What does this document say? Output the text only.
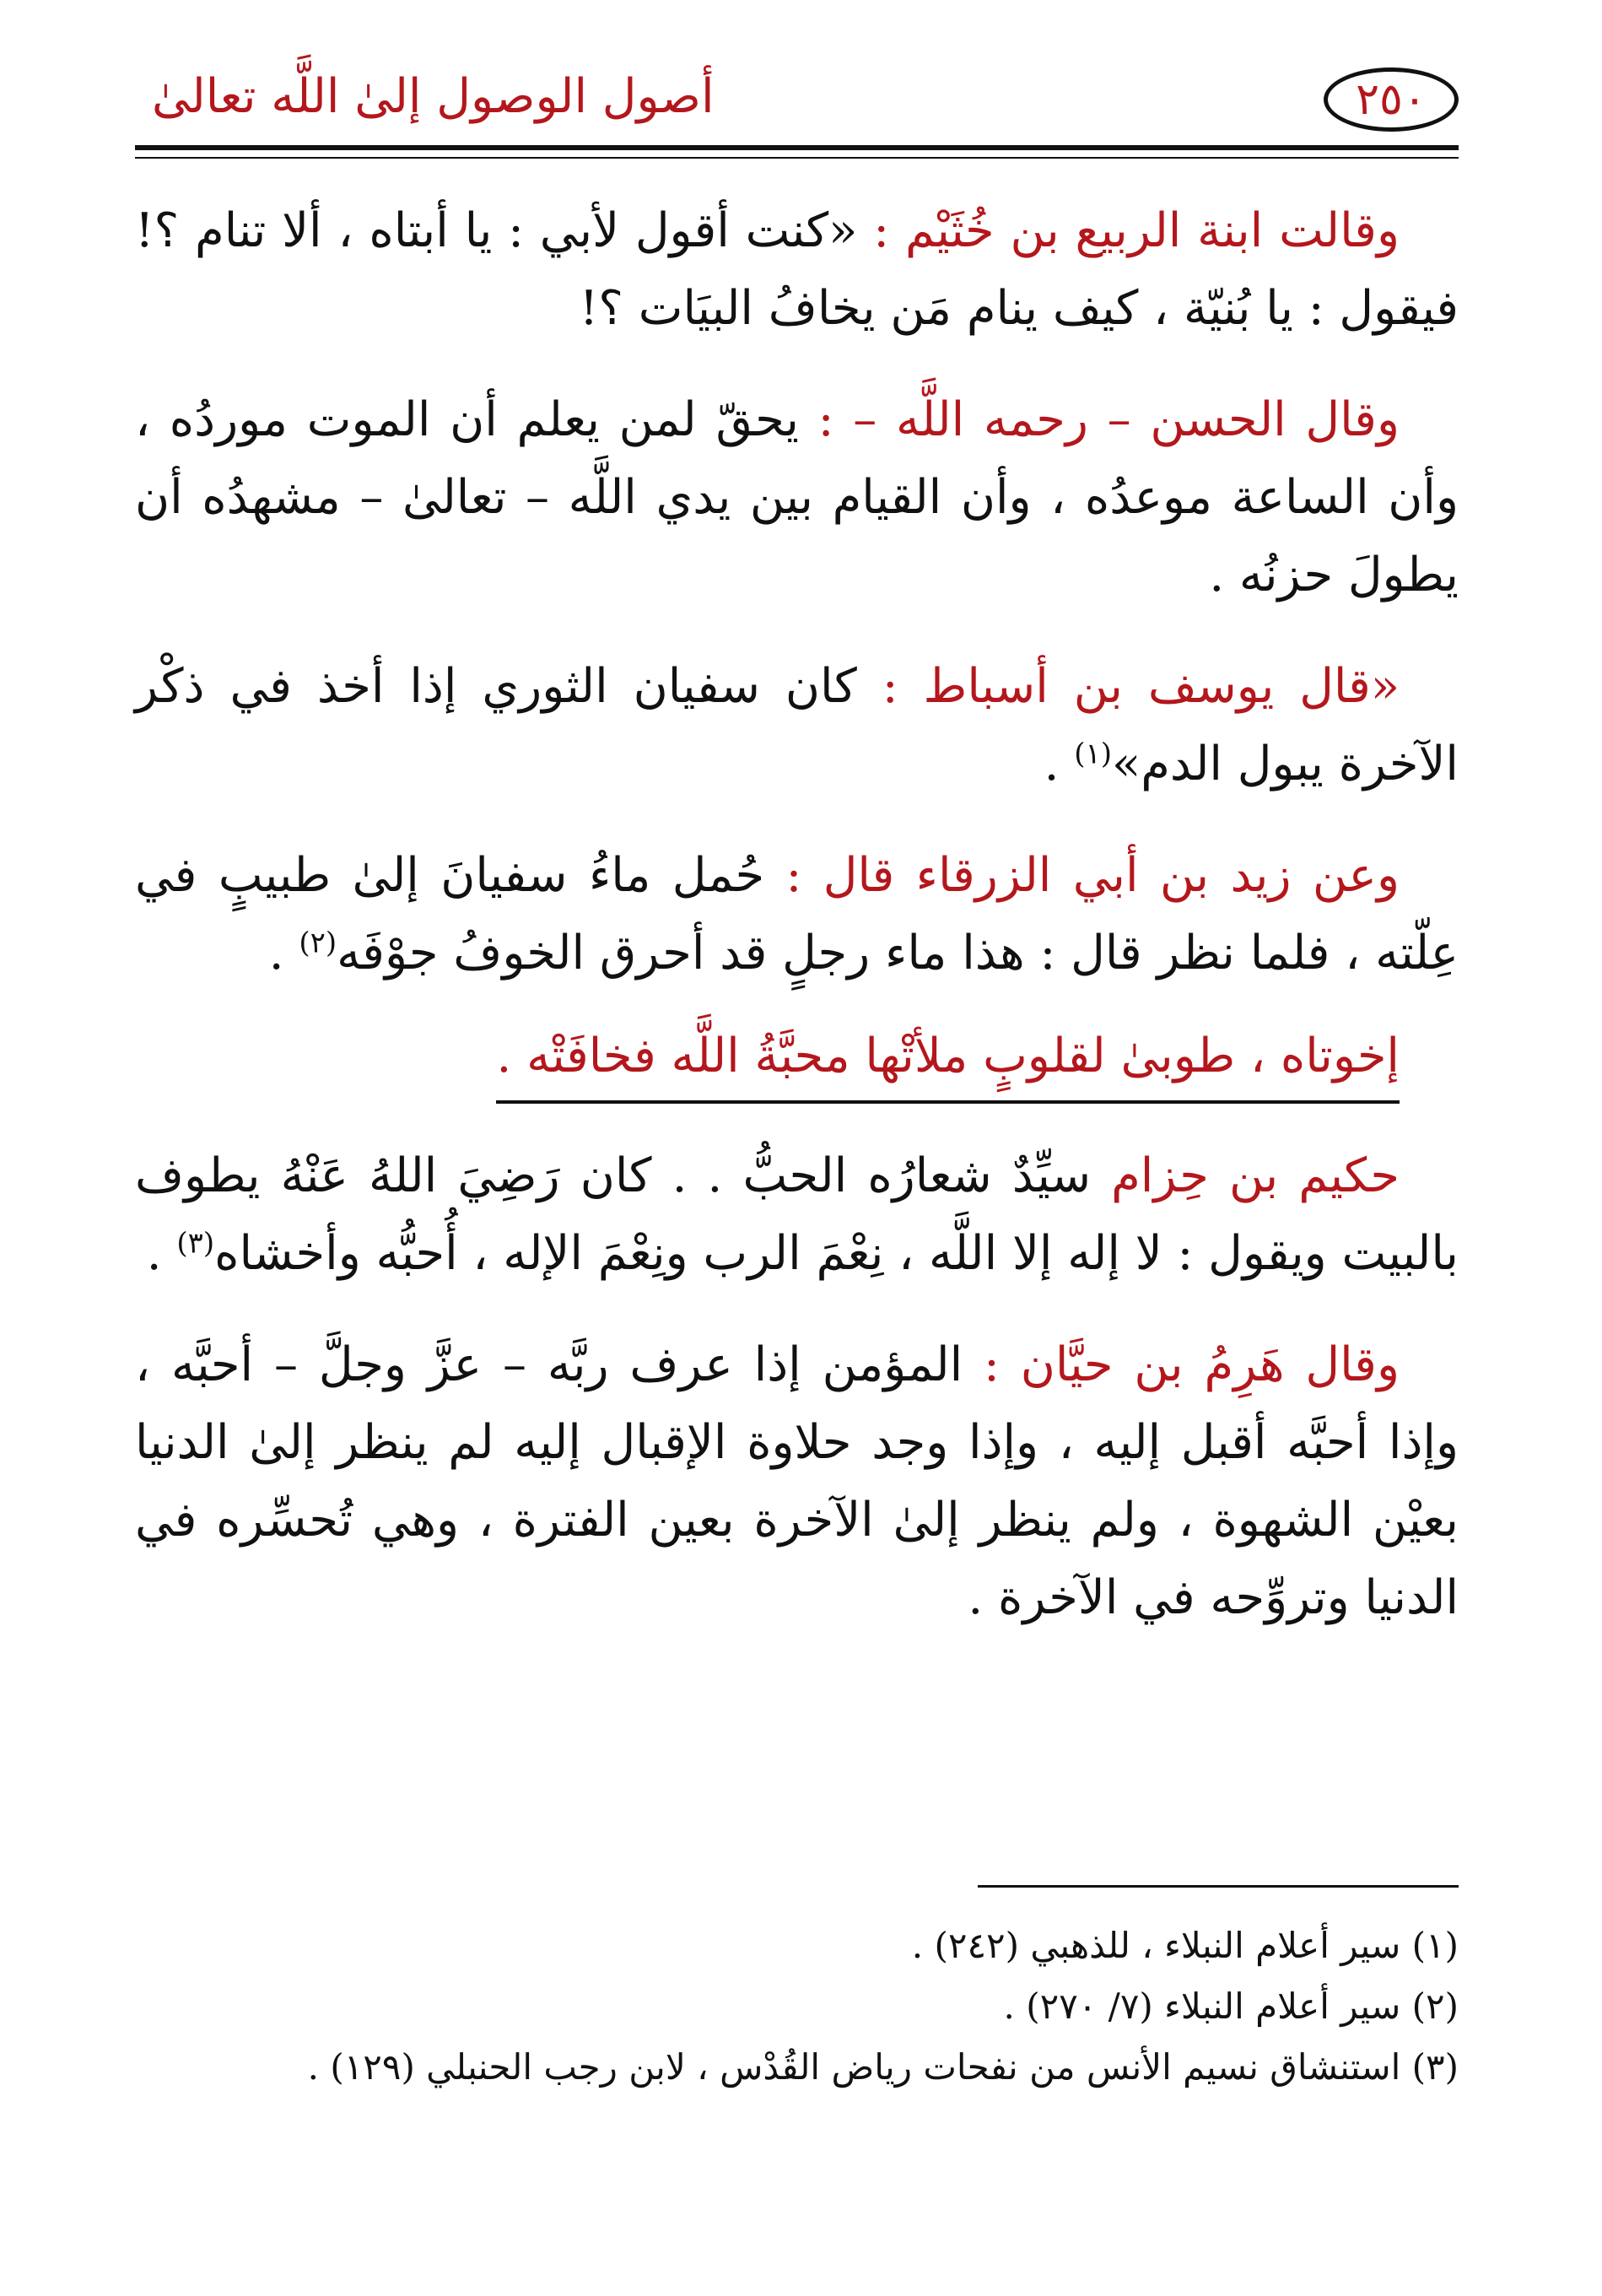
أصول الوصول إلىٰ اللَّه تعالىٰ	٢٥٠

وقالت ابنة الربيع بن خُثَيْم : «كنت أقول لأبي : يا أبتاه ، ألا تنام ؟! فيقول : يا بُنيّة ، كيف ينام مَن يخافُ البيَات ؟!

وقال الحسن – رحمه اللَّه – : يحقّ لمن يعلم أن الموت موردُه ، وأن الساعة موعدُه ، وأن القيام بين يدي اللَّه – تعالىٰ – مشهدُه أن يطولَ حزنُه .

«قال يوسف بن أسباط : كان سفيان الثوري إذا أخذ في ذكْر الآخرة يبول الدم»$^{(١)}$ .

وعن زيد بن أبي الزرقاء قال : حُمل ماءُ سفيانَ إلىٰ طبيبٍ في عِلّته ، فلما نظر قال : هذا ماء رجلٍ قد أحرق الخوفُ جوْفَه$^{(٢)}$ .

إخوتاه ، طوبىٰ لقلوبٍ ملأتْها محبَّةُ اللَّه فخافَتْه .

حكيم بن حِزام سيِّدٌ شعارُه الحبُّ . . كان رَضِيَ اللهُ عَنْهُ يطوف بالبيت ويقول : لا إله إلا اللَّه ، نِعْمَ الرب ونِعْمَ الإله ، أُحبُّه وأخشاه$^{(٣)}$ .

وقال هَرِمُ بن حيَّان : المؤمن إذا عرف ربَّه – عزَّ وجلَّ – أحبَّه ، وإذا أحبَّه أقبل إليه ، وإذا وجد حلاوة الإقبال إليه لم ينظر إلىٰ الدنيا بعيْن الشهوة ، ولم ينظر إلىٰ الآخرة بعين الفترة ، وهي تُحسِّره في الدنيا وتروِّحه في الآخرة .

(١) سير أعلام النبلاء ، للذهبي (٢٤٢) .

(٢) سير أعلام النبلاء (٧/ ٢٧٠) .

(٣) استنشاق نسيم الأنس من نفحات رياض القُدْس ، لابن رجب الحنبلي (١٢٩) .
